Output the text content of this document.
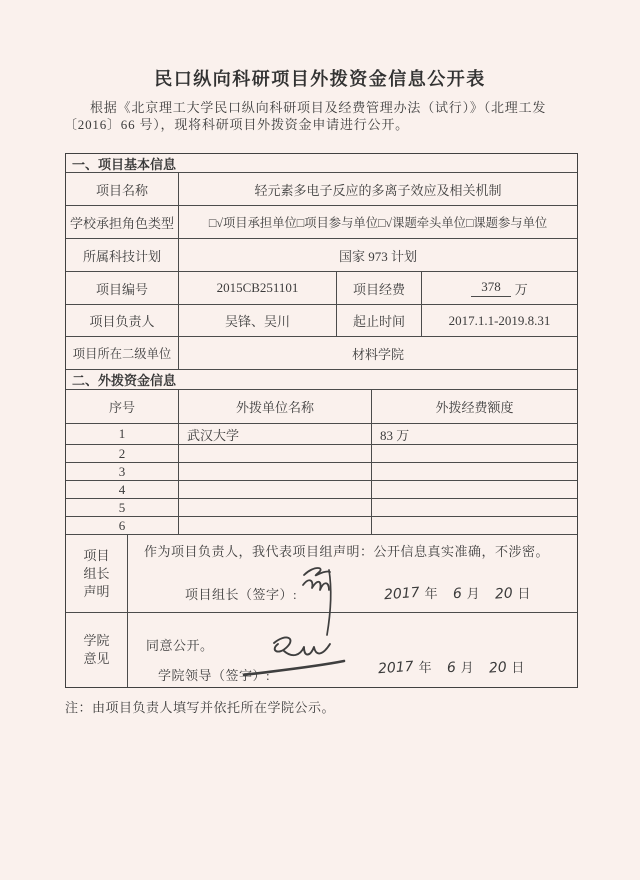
民口纵向科研项目外拨资金信息公开表
根据《北京理工大学民口纵向科研项目及经费管理办法（试行）》（北理工发
〔2016〕66 号），现将科研项目外拨资金申请进行公开。
一、项目基本信息
项目名称	轻元素多电子反应的多离子效应及相关机制
学校承担角色类型	□√项目承担单位□项目参与单位□√课题牵头单位□课题参与单位
所属科技计划	国家 973 计划
项目编号	2015CB251101	项目经费	378	万
项目负责人	吴锋、吴川	起止时间	2017.1.1-2019.8.31
项目所在二级单位	材料学院
二、外拨资金信息
序号	外拨单位名称	外拨经费额度
1	武汉大学	83 万
2
3
4
5
6
项目
组长
声明
作为项目负责人，我代表项目组声明：公开信息真实准确，不涉密。
项目组长（签字）:	2017 年 6 月 20 日
学院
意见
同意公开。
学院领导（签字）:	2017 年 6 月 20 日
注：由项目负责人填写并依托所在学院公示。
